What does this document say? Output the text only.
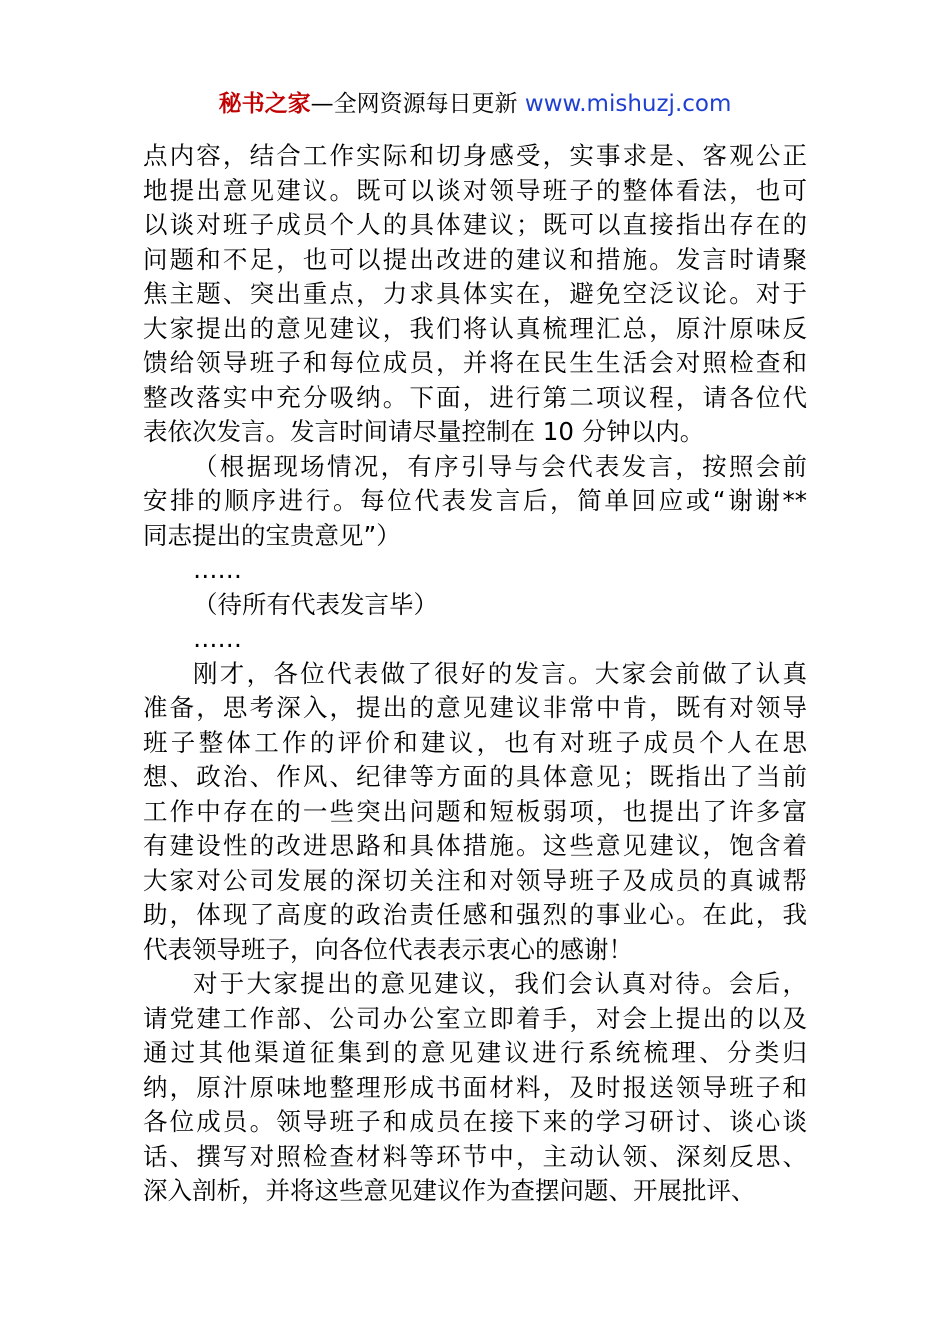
秘书之家—全网资源每日更新 www.mishuzj.com
点内容，结合工作实际和切身感受，实事求是、客观公正
地提出意见建议。既可以谈对领导班子的整体看法，也可
以谈对班子成员个人的具体建议；既可以直接指出存在的
问题和不足，也可以提出改进的建议和措施。发言时请聚
焦主题、突出重点，力求具体实在，避免空泛议论。对于
大家提出的意见建议，我们将认真梳理汇总，原汁原味反
馈给领导班子和每位成员，并将在民生生活会对照检查和
整改落实中充分吸纳。下面，进行第二项议程，请各位代
表依次发言。发言时间请尽量控制在 10 分钟以内。
（根据现场情况，有序引导与会代表发言，按照会前
安排的顺序进行。每位代表发言后，简单回应或“谢谢**
同志提出的宝贵意见”）
……
（待所有代表发言毕）
……
刚才，各位代表做了很好的发言。大家会前做了认真
准备，思考深入，提出的意见建议非常中肯，既有对领导
班子整体工作的评价和建议，也有对班子成员个人在思
想、政治、作风、纪律等方面的具体意见；既指出了当前
工作中存在的一些突出问题和短板弱项，也提出了许多富
有建设性的改进思路和具体措施。这些意见建议，饱含着
大家对公司发展的深切关注和对领导班子及成员的真诚帮
助，体现了高度的政治责任感和强烈的事业心。在此，我
代表领导班子，向各位代表表示衷心的感谢！
对于大家提出的意见建议，我们会认真对待。会后，
请党建工作部、公司办公室立即着手，对会上提出的以及
通过其他渠道征集到的意见建议进行系统梳理、分类归
纳，原汁原味地整理形成书面材料，及时报送领导班子和
各位成员。领导班子和成员在接下来的学习研讨、谈心谈
话、撰写对照检查材料等环节中，主动认领、深刻反思、
深入剖析，并将这些意见建议作为查摆问题、开展批评、
